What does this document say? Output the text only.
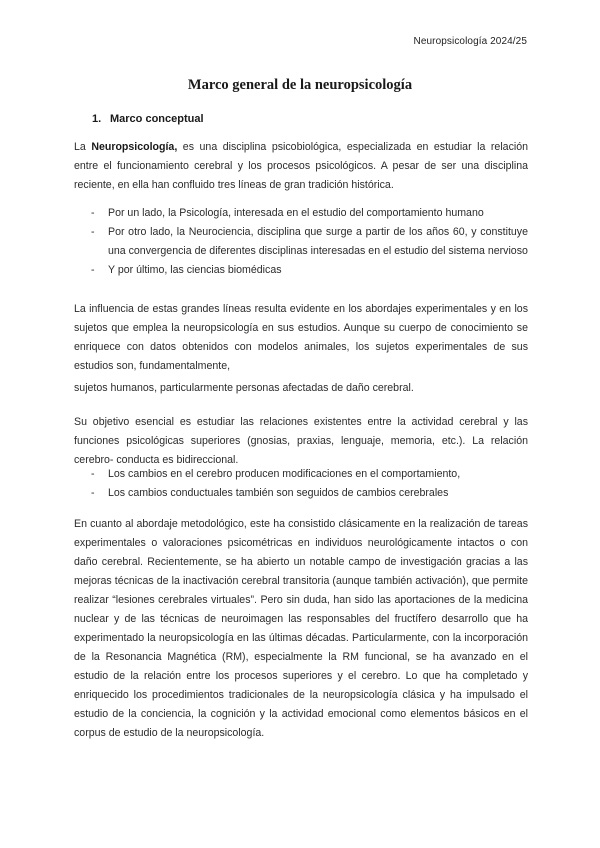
Neuropsicología 2024/25
Marco general de la neuropsicología
1. Marco conceptual

La Neuropsicología, es una disciplina psicobiológica, especializada en estudiar la relación entre el funcionamiento cerebral y los procesos psicológicos. A pesar de ser una disciplina reciente, en ella han confluido tres líneas de gran tradición histórica.

- Por un lado, la Psicología, interesada en el estudio del comportamiento humano
- Por otro lado, la Neurociencia, disciplina que surge a partir de los años 60, y constituye una convergencia de diferentes disciplinas interesadas en el estudio del sistema nervioso
- Y por último, las ciencias biomédicas

La influencia de estas grandes líneas resulta evidente en los abordajes experimentales y en los sujetos que emplea la neuropsicología en sus estudios. Aunque su cuerpo de conocimiento se enriquece con datos obtenidos con modelos animales, los sujetos experimentales de sus estudios son, fundamentalmente,

sujetos humanos, particularmente personas afectadas de daño cerebral.

Su objetivo esencial es estudiar las relaciones existentes entre la actividad cerebral y las funciones psicológicas superiores (gnosias, praxias, lenguaje, memoria, etc.). La relación cerebro- conducta es bidireccional.

- Los cambios en el cerebro producen modificaciones en el comportamiento,
- Los cambios conductuales también son seguidos de cambios cerebrales

En cuanto al abordaje metodológico, este ha consistido clásicamente en la realización de tareas experimentales o valoraciones psicométricas en individuos neurológicamente intactos o con daño cerebral. Recientemente, se ha abierto un notable campo de investigación gracias a las mejoras técnicas de la inactivación cerebral transitoria (aunque también activación), que permite realizar “lesiones cerebrales virtuales”. Pero sin duda, han sido las aportaciones de la medicina nuclear y de las técnicas de neuroimagen las responsables del fructífero desarrollo que ha experimentado la neuropsicología en las últimas décadas. Particularmente, con la incorporación de la Resonancia Magnética (RM), especialmente la RM funcional, se ha avanzado en el estudio de la relación entre los procesos superiores y el cerebro. Lo que ha completado y enriquecido los procedimientos tradicionales de la neuropsicología clásica y ha impulsado el estudio de la conciencia, la cognición y la actividad emocional como elementos básicos en el corpus de estudio de la neuropsicología.
